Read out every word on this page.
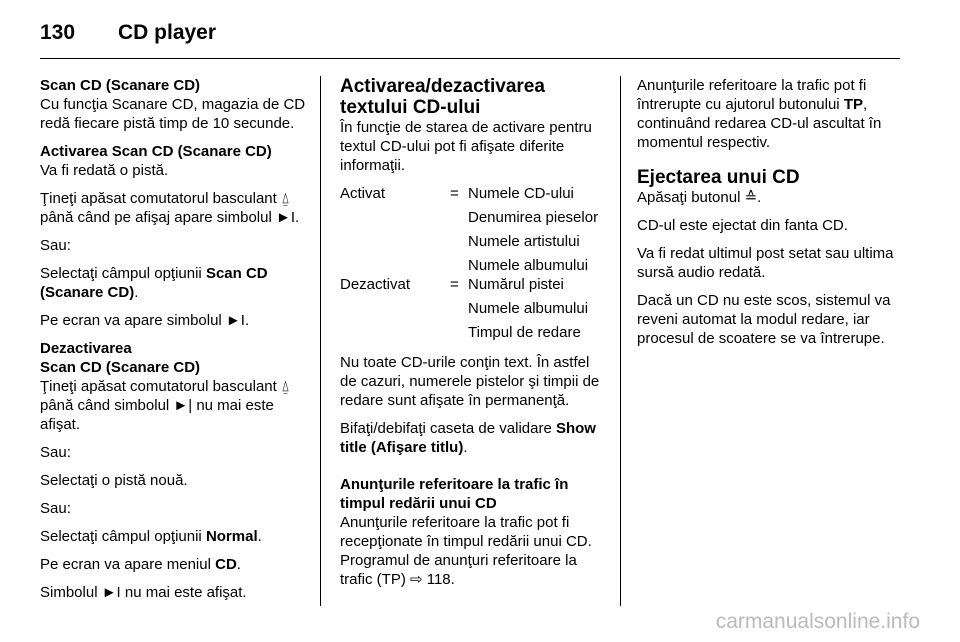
130	CD player
Scan CD (Scanare CD)

Cu funcţia Scanare CD, magazia de CD redă fiecare pistă timp de 10 secunde.

Activarea Scan CD (Scanare CD)

Va fi redată o pistă.

Ţineţi apăsat comutatorul basculant ⍙ până când pe afişaj apare simbolul ►I.

Sau:

Selectaţi câmpul opţiunii Scan CD (Scanare CD).

Pe ecran va apare simbolul ►I.

Dezactivarea
Scan CD (Scanare CD)

Ţineţi apăsat comutatorul basculant ⍙ până când simbolul ►| nu mai este afişat.

Sau:

Selectaţi o pistă nouă.

Sau:

Selectaţi câmpul opţiunii Normal.

Pe ecran va apare meniul CD.

Simbolul ►I nu mai este afişat.

Activarea/dezactivarea textului CD-ului

În funcţie de starea de activare pentru textul CD-ului pot fi afişate diferite informaţii.

Activat	= Numele CD-ului
Denumirea pieselor
Numele artistului
Numele albumului
Dezactivat	= Numărul pistei
Numele albumului
Timpul de redare

Nu toate CD-urile conţin text. În astfel de cazuri, numerele pistelor şi timpii de redare sunt afişate în permanenţă.

Bifaţi/debifaţi caseta de validare Show title (Afişare titlu).

Anunţurile referitoare la trafic în timpul redării unui CD

Anunţurile referitoare la trafic pot fi recepţionate în timpul redării unui CD. Programul de anunţuri referitoare la trafic (TP) ⇨ 118.

Anunţurile referitoare la trafic pot fi întrerupte cu ajutorul butonului TP, continuând redarea CD-ul ascultat în momentul respectiv.

Ejectarea unui CD

Apăsaţi butonul ≙.

CD-ul este ejectat din fanta CD.

Va fi redat ultimul post setat sau ultima sursă audio redată.

Dacă un CD nu este scos, sistemul va reveni automat la modul redare, iar procesul de scoatere se va întrerupe.

carmanualsonline.info
